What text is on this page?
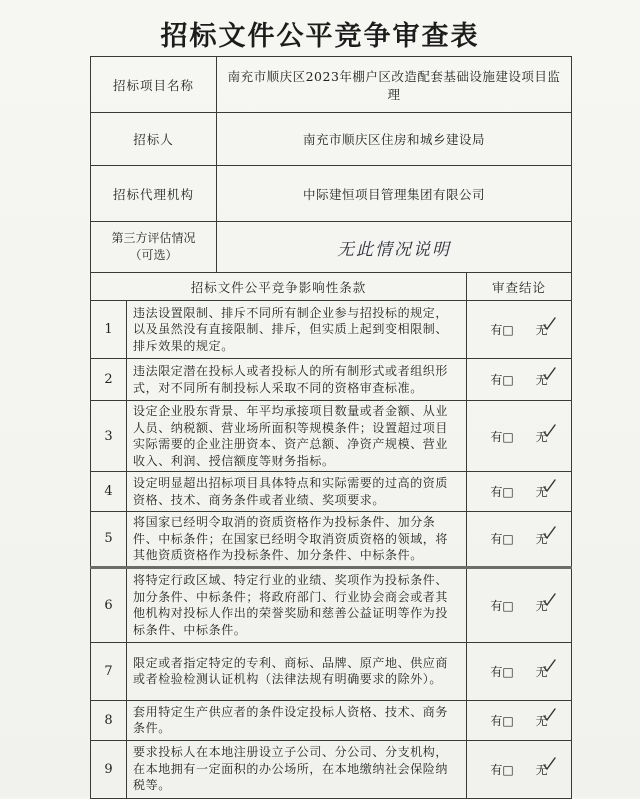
招标文件公平竞争审查表
招标项目名称		南充市顺庆区2023年棚户区改造配套基础设施建设项目监理	
招标人		南充市顺庆区住房和城乡建设局	
招标代理机构		中际建恒项目管理集团有限公司	
第三方评估情况
（可选）		无此情况说明	
招标文件公平竞争影响性条款			审查结论
1	违法设置限制、排斥不同所有制企业参与招投标的规定，以及虽然没有直接限制、排斥，但实质上起到变相限制、排斥效果的规定。		有□ 无

2	违法限定潜在投标人或者投标人的所有制形式或者组织形式，对不同所有制投标人采取不同的资格审查标准。		有□ 无

3	设定企业股东背景、年平均承接项目数量或者金额、从业人员、纳税额、营业场所面积等规模条件；设置超过项目实际需要的企业注册资本、资产总额、净资产规模、营业收入、利润、授信额度等财务指标。		有□ 无

4	设定明显超出招标项目具体特点和实际需要的过高的资质资格、技术、商务条件或者业绩、奖项要求。		有□ 无

5	将国家已经明令取消的资质资格作为投标条件、加分条件、中标条件；在国家已经明令取消资质资格的领域，将其他资质资格作为投标条件、加分条件、中标条件。		有□ 无

6	将特定行政区域、特定行业的业绩、奖项作为投标条件、加分条件、中标条件；将政府部门、行业协会商会或者其他机构对投标人作出的荣誉奖励和慈善公益证明等作为投标条件、中标条件。		有□ 无

7	限定或者指定特定的专利、商标、品牌、原产地、供应商或者检验检测认证机构（法律法规有明确要求的除外）。		有□ 无

8	套用特定生产供应者的条件设定投标人资格、技术、商务条件。		有□ 无

9	要求投标人在本地注册设立子公司、分公司、分支机构，在本地拥有一定面积的办公场所，在本地缴纳社会保险纳税等。		有□ 无
